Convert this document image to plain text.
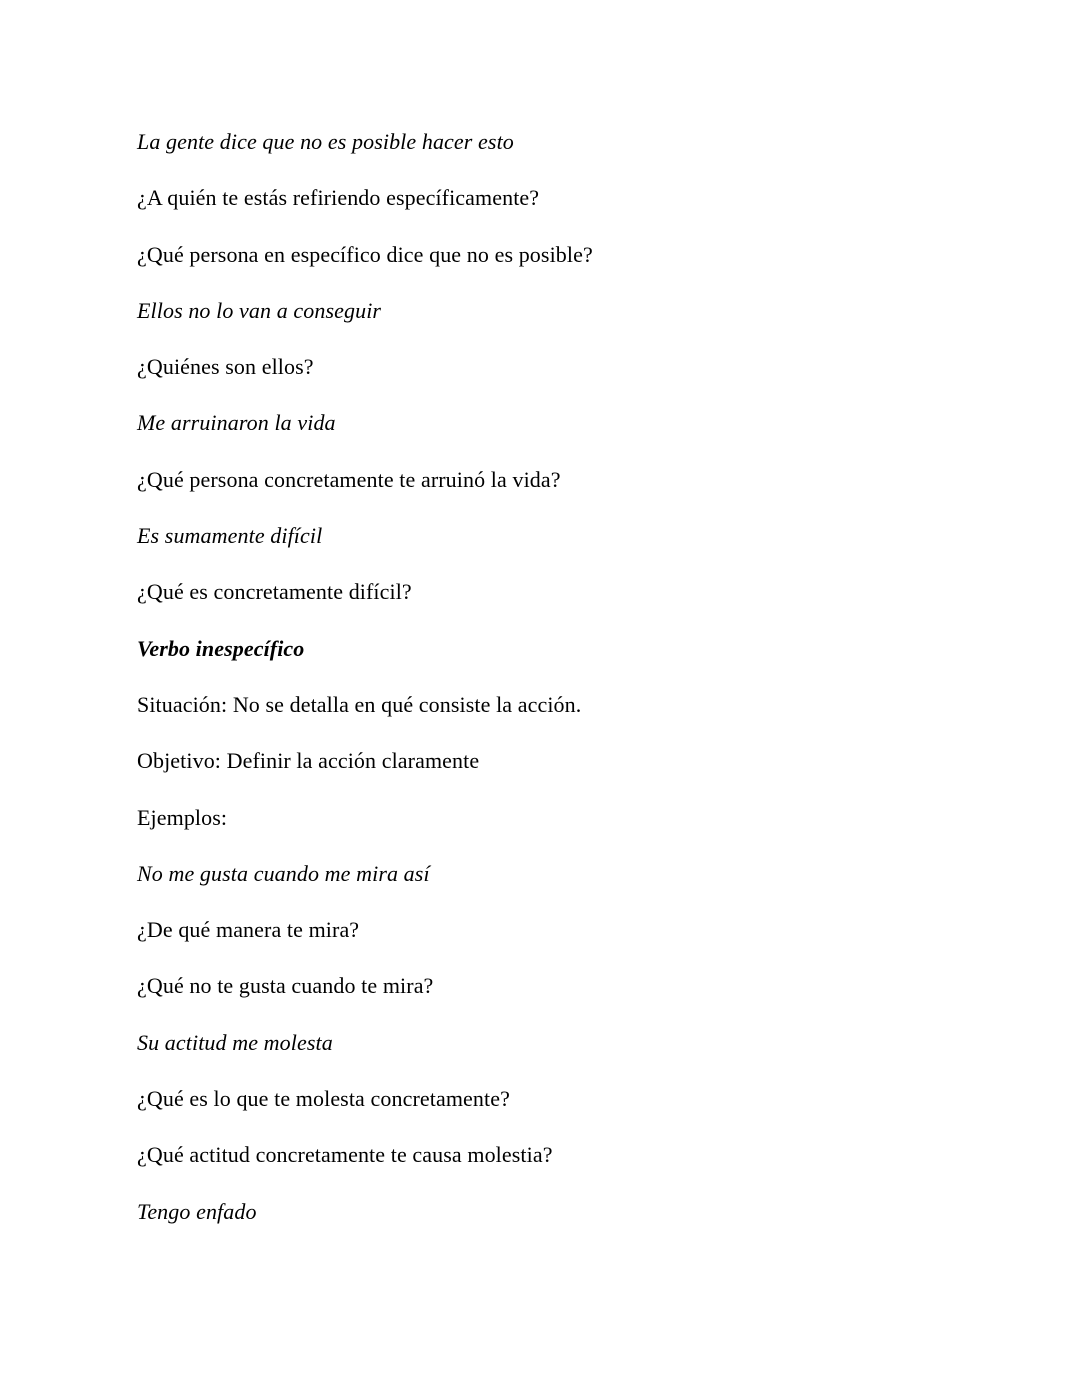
La gente dice que no es posible hacer esto

¿A quién te estás refiriendo específicamente?

¿Qué persona en específico dice que no es posible?

Ellos no lo van a conseguir

¿Quiénes son ellos?

Me arruinaron la vida

¿Qué persona concretamente te arruinó la vida?

Es sumamente difícil

¿Qué es concretamente difícil?

Verbo inespecífico

Situación: No se detalla en qué consiste la acción.

Objetivo: Definir la acción claramente

Ejemplos:

No me gusta cuando me mira así

¿De qué manera te mira?

¿Qué no te gusta cuando te mira?

Su actitud me molesta

¿Qué es lo que te molesta concretamente?

¿Qué actitud concretamente te causa molestia?

Tengo enfado
